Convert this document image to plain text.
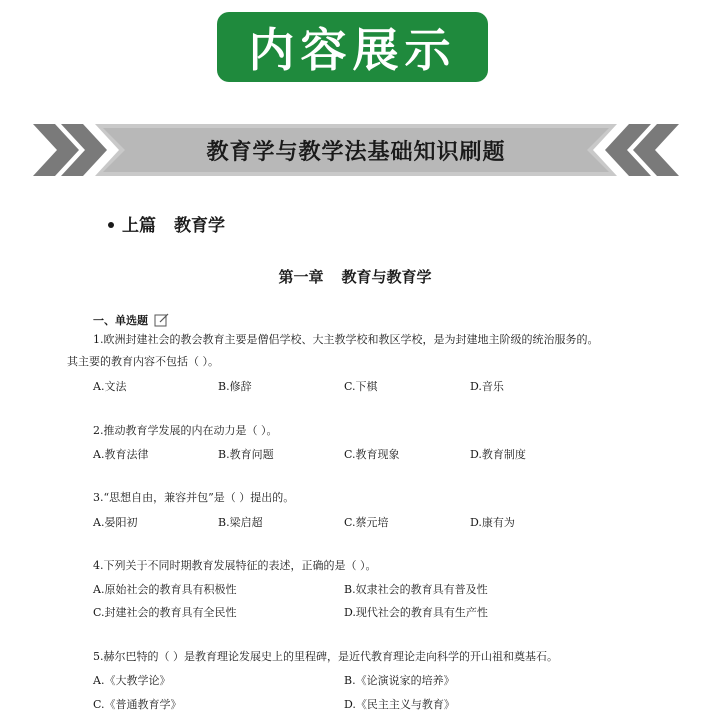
内容展示
教育学与教学法基础知识刷题
上篇 教育学
第一章 教育与教育学
一、单选题
1.欧洲封建社会的教会教育主要是僧侣学校、大主教学校和教区学校，是为封建地主阶级的统治服务的。
其主要的教育内容不包括（ ）。
A.文法	B.修辞	C.下棋	D.音乐
2.推动教育学发展的内在动力是（ ）。
A.教育法律	B.教育问题	C.教育现象	D.教育制度
3.“思想自由，兼容并包”是（ ）提出的。
A.晏阳初	B.梁启超	C.蔡元培	D.康有为
4.下列关于不同时期教育发展特征的表述，正确的是（ ）。
A.原始社会的教育具有积极性	B.奴隶社会的教育具有普及性
C.封建社会的教育具有全民性	D.现代社会的教育具有生产性
5.赫尔巴特的（ ）是教育理论发展史上的里程碑，是近代教育理论走向科学的开山祖和奠基石。
A.《大教学论》	B.《论演说家的培养》
C.《普通教育学》	D.《民主主义与教育》
